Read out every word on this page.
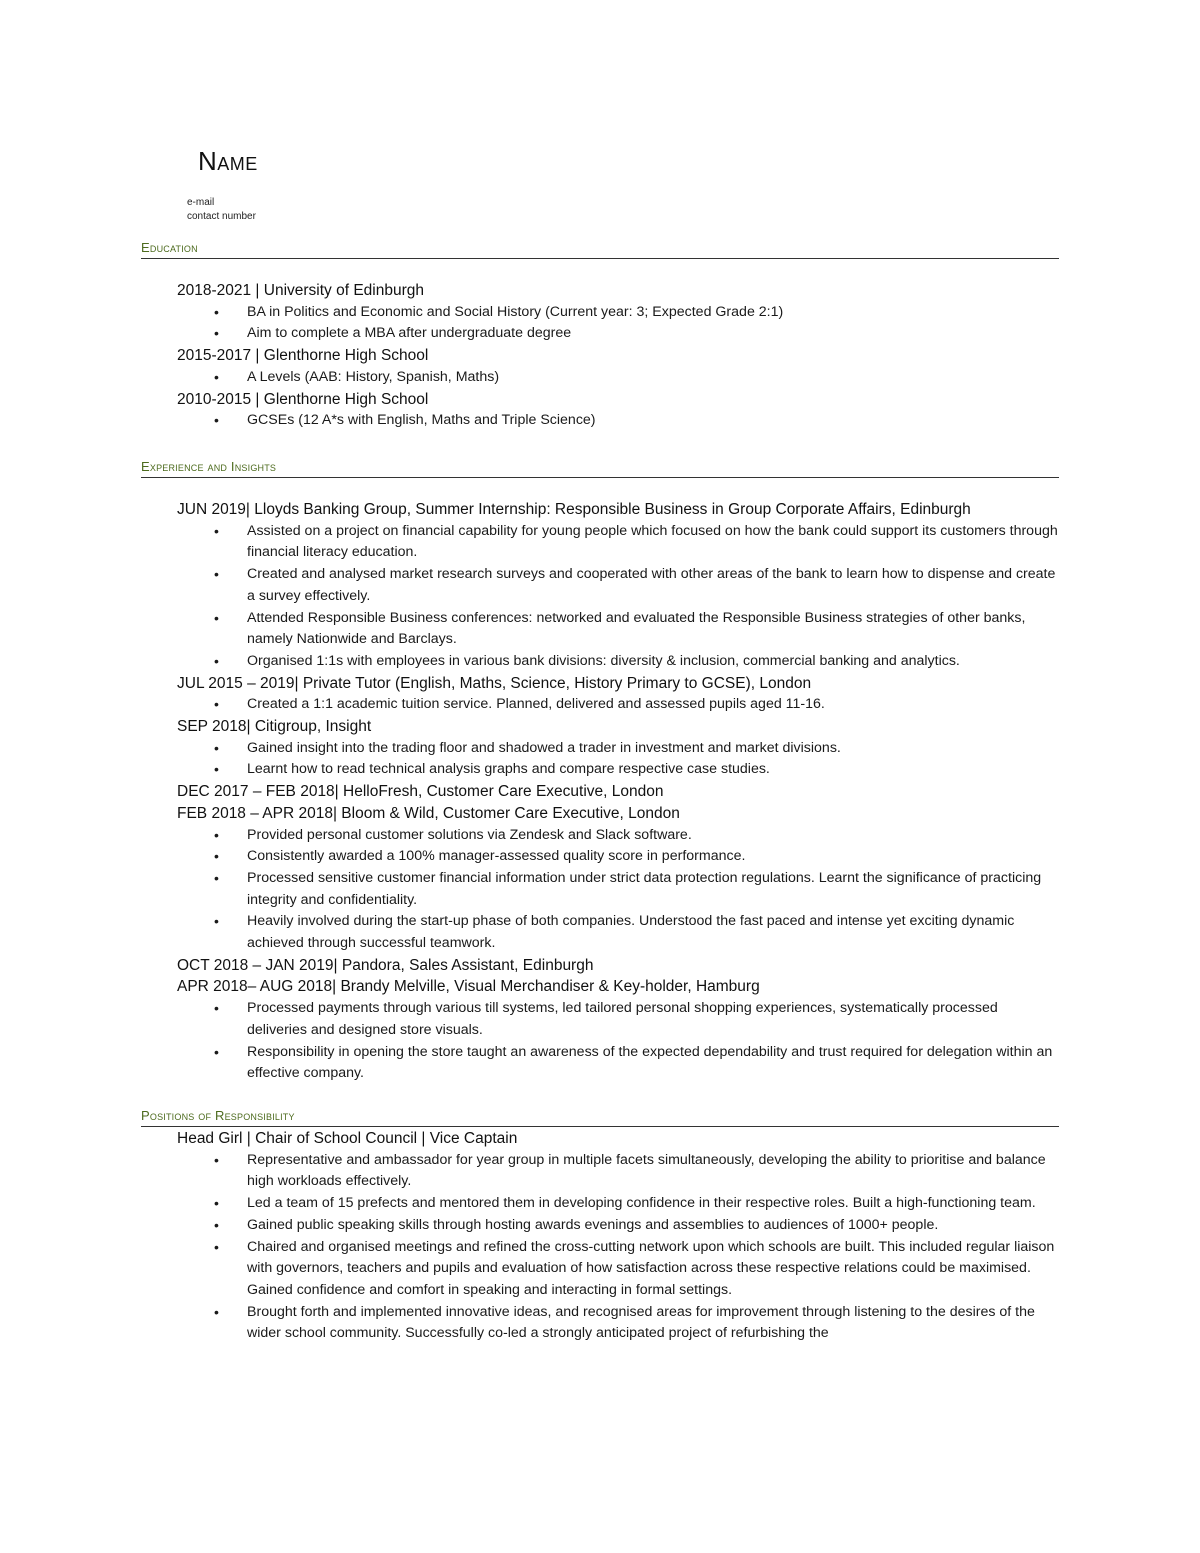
Name
e-mail
contact number
Education
2018-2021 | University of Edinburgh
• BA in Politics and Economic and Social History (Current year: 3; Expected Grade 2:1)
• Aim to complete a MBA after undergraduate degree
2015-2017 | Glenthorne High School
• A Levels (AAB: History, Spanish, Maths)
2010-2015 | Glenthorne High School
• GCSEs (12 A*s with English, Maths and Triple Science)
Experience and Insights
JUN 2019| Lloyds Banking Group, Summer Internship: Responsible Business in Group Corporate Affairs, Edinburgh
• Assisted on a project on financial capability for young people which focused on how the bank could support its customers through financial literacy education.
• Created and analysed market research surveys and cooperated with other areas of the bank to learn how to dispense and create a survey effectively.
• Attended Responsible Business conferences: networked and evaluated the Responsible Business strategies of other banks, namely Nationwide and Barclays.
• Organised 1:1s with employees in various bank divisions: diversity & inclusion, commercial banking and analytics.
JUL 2015 – 2019| Private Tutor (English, Maths, Science, History Primary to GCSE), London
• Created a 1:1 academic tuition service. Planned, delivered and assessed pupils aged 11-16.
SEP 2018| Citigroup, Insight
• Gained insight into the trading floor and shadowed a trader in investment and market divisions.
• Learnt how to read technical analysis graphs and compare respective case studies.
DEC 2017 – FEB 2018| HelloFresh, Customer Care Executive, London
FEB 2018 – APR 2018| Bloom & Wild, Customer Care Executive, London
• Provided personal customer solutions via Zendesk and Slack software.
• Consistently awarded a 100% manager-assessed quality score in performance.
• Processed sensitive customer financial information under strict data protection regulations. Learnt the significance of practicing integrity and confidentiality.
• Heavily involved during the start-up phase of both companies. Understood the fast paced and intense yet exciting dynamic achieved through successful teamwork.
OCT 2018 – JAN 2019| Pandora, Sales Assistant, Edinburgh
APR 2018– AUG 2018| Brandy Melville, Visual Merchandiser & Key-holder, Hamburg
• Processed payments through various till systems, led tailored personal shopping experiences, systematically processed deliveries and designed store visuals.
• Responsibility in opening the store taught an awareness of the expected dependability and trust required for delegation within an effective company.
Positions of Responsibility
Head Girl | Chair of School Council | Vice Captain
• Representative and ambassador for year group in multiple facets simultaneously, developing the ability to prioritise and balance high workloads effectively.
• Led a team of 15 prefects and mentored them in developing confidence in their respective roles. Built a high-functioning team.
• Gained public speaking skills through hosting awards evenings and assemblies to audiences of 1000+ people.
• Chaired and organised meetings and refined the cross-cutting network upon which schools are built. This included regular liaison with governors, teachers and pupils and evaluation of how satisfaction across these respective relations could be maximised. Gained confidence and comfort in speaking and interacting in formal settings.
• Brought forth and implemented innovative ideas, and recognised areas for improvement through listening to the desires of the wider school community. Successfully co-led a strongly anticipated project of refurbishing the
